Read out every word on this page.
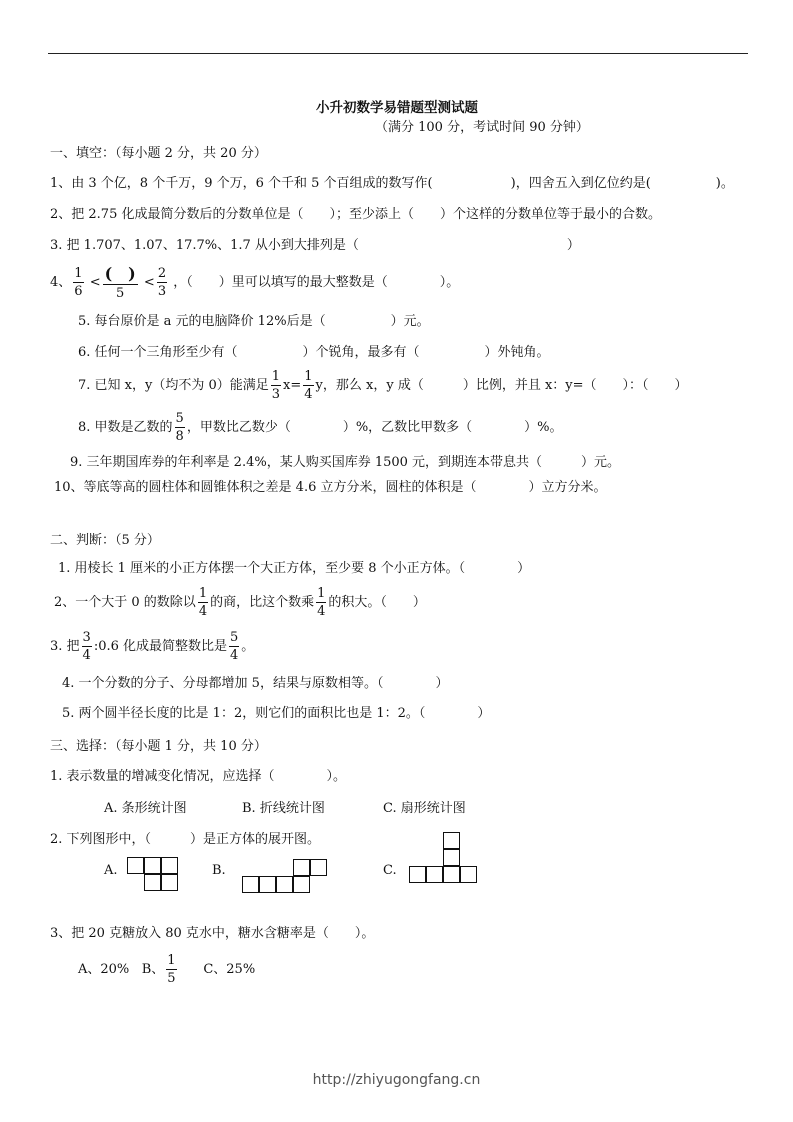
小升初数学易错题型测试题
（满分 100 分，考试时间 90 分钟）
一、填空：（每小题 2 分，共 20 分）
1、由 3 个亿，8 个千万，9 个万，6 个千和 5 个百组成的数写作(　　　　　　)，四舍五入到亿位约是(　　　　　)。
2、把 2.75 化成最简分数后的分数单位是（　　）；至少添上（　　）个这样的分数单位等于最小的合数。
3. 把 1.707、1.07、17.7%、1.7 从小到大排列是（　　　　　　　　　　　　　　　　）
4、 $\frac{1}{6} < \frac{( )}{5} < \frac{2}{3}$ ，（　　）里可以填写的最大整数是（　　　　）。
5. 每台原价是 a 元的电脑降价 12%后是（　　　　　）元。
6. 任何一个三角形至少有（　　　　　）个锐角，最多有（　　　　　）外钝角。
7. 已知 x，y（均不为 0）能满足 $\frac{1}{3} x= \frac{1}{4}$ y，那么 x，y 成（　　　）比例，并且 x：y=（　　）：（　　）
8. 甲数是乙数的 $\frac{5}{8}$ ，甲数比乙数少（　　　　）%，乙数比甲数多（　　　　）%。
9. 三年期国库券的年利率是 2.4%，某人购买国库券 1500 元，到期连本带息共（　　　）元。
10、等底等高的圆柱体和圆锥体积之差是 4.6 立方分米，圆柱的体积是（　　　　）立方分米。
二、判断：（5 分）
1. 用棱长 1 厘米的小正方体摆一个大正方体，至少要 8 个小正方体。（　　　　）
2、一个大于 0 的数除以 $\frac{1}{4}$ 的商，比这个数乘 $\frac{1}{4}$ 的积大。（　　）
3. 把 $\frac{3}{4}$ :0.6 化成最简整数比是 $\frac{5}{4}$ 。
4. 一个分数的分子、分母都增加 5，结果与原数相等。（　　　　）
5. 两个圆半径长度的比是 1：2，则它们的面积比也是 1：2。（　　　　）
三、选择：（每小题 1 分，共 10 分）
1. 表示数量的增减变化情况，应选择（　　　　）。
A. 条形统计图	B. 折线统计图	C. 扇形统计图
2. 下列图形中，（　　　）是正方体的展开图。
A.	B.	C.
3、把 20 克糖放入 80 克水中，糖水含糖率是（　　）。
A、20% B、 $\frac{1}{5}$ C、25%
http://zhiyugongfang.cn
